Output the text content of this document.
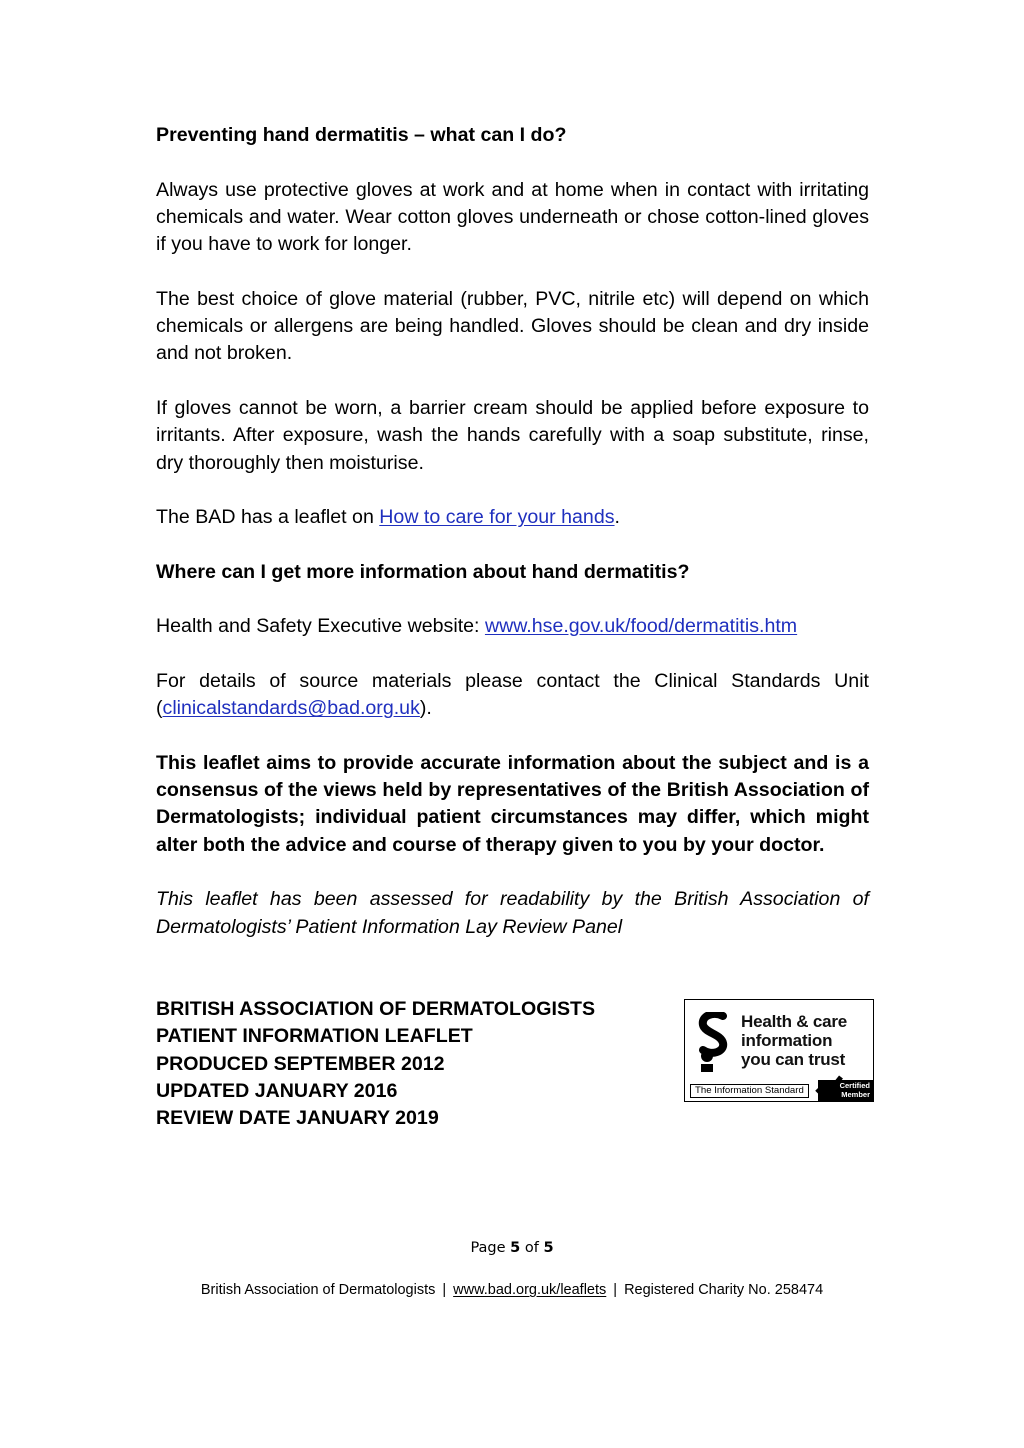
Preventing hand dermatitis – what can I do?

Always use protective gloves at work and at home when in contact with irritating chemicals and water. Wear cotton gloves underneath or chose cotton-lined gloves if you have to work for longer.

The best choice of glove material (rubber, PVC, nitrile etc) will depend on which chemicals or allergens are being handled. Gloves should be clean and dry inside and not broken.

If gloves cannot be worn, a barrier cream should be applied before exposure to irritants. After exposure, wash the hands carefully with a soap substitute, rinse, dry thoroughly then moisturise.

The BAD has a leaflet on How to care for your hands.

Where can I get more information about hand dermatitis?

Health and Safety Executive website: www.hse.gov.uk/food/dermatitis.htm

For details of source materials please contact the Clinical Standards Unit (clinicalstandards@bad.org.uk).

This leaflet aims to provide accurate information about the subject and is a consensus of the views held by representatives of the British Association of Dermatologists; individual patient circumstances may differ, which might alter both the advice and course of therapy given to you by your doctor.

This leaflet has been assessed for readability by the British Association of Dermatologists’ Patient Information Lay Review Panel

BRITISH ASSOCIATION OF DERMATOLOGISTS
PATIENT INFORMATION LEAFLET
PRODUCED SEPTEMBER 2012
UPDATED JANUARY 2016
REVIEW DATE JANUARY 2019
Health & care
information
you can trust
The Information Standard	Certified
Member
Page 5 of 5
British Association of Dermatologists | www.bad.org.uk/leaflets | Registered Charity No. 258474
